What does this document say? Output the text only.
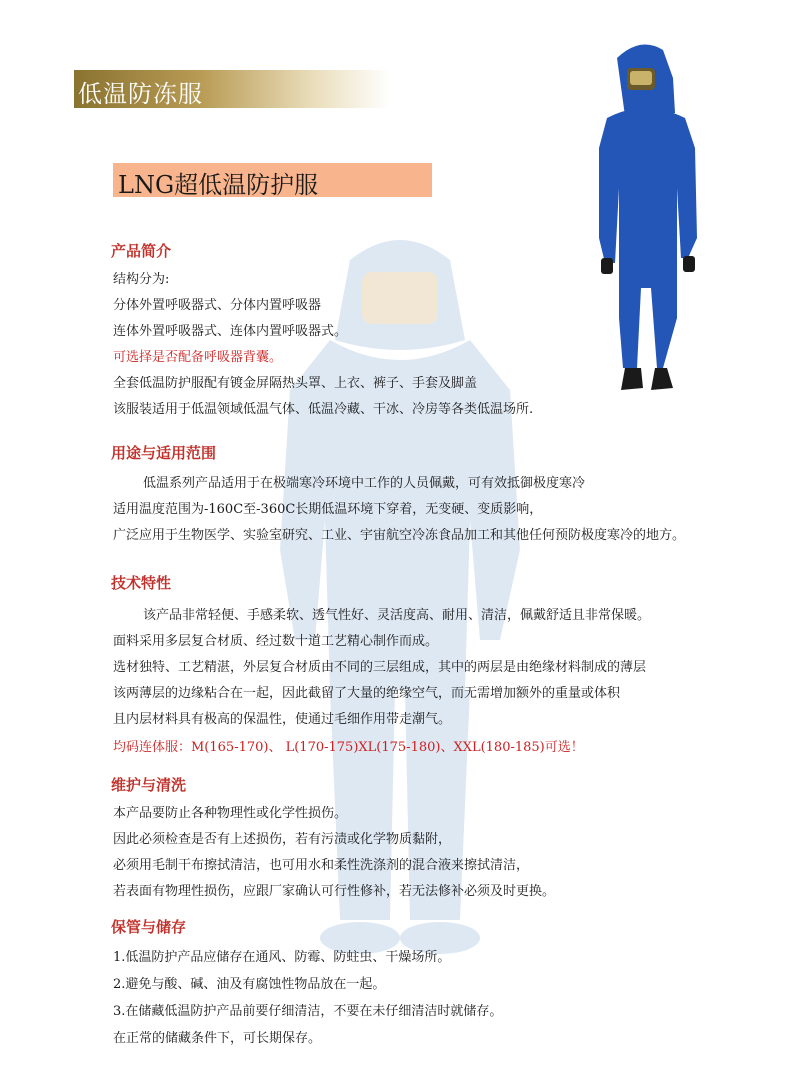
低温防冻服
LNG超低温防护服
产品简介
结构分为:
分体外置呼吸器式、分体内置呼吸器
连体外置呼吸器式、连体内置呼吸器式。
可选择是否配备呼吸器背囊。
全套低温防护服配有镀金屏隔热头罩、上衣、裤子、手套及脚盖
该服装适用于低温领域低温气体、低温冷藏、干冰、冷房等各类低温场所.
用途与适用范围
低温系列产品适用于在极端寒冷环境中工作的人员佩戴，可有效抵御极度寒冷
适用温度范围为-160C至-360C长期低温环境下穿着，无变硬、变质影响，
广泛应用于生物医学、实验室研究、工业、宇宙航空冷冻食品加工和其他任何预防极度寒冷的地方。
技术特性
该产品非常轻便、手感柔软、透气性好、灵活度高、耐用、清洁，佩戴舒适且非常保暖。
面料采用多层复合材质、经过数十道工艺精心制作而成。
选材独特、工艺精湛，外层复合材质由不同的三层组成，其中的两层是由绝缘材料制成的薄层
该两薄层的边缘粘合在一起，因此截留了大量的绝缘空气，而无需增加额外的重量或体积
且内层材料具有极高的保温性，使通过毛细作用带走潮气。
均码连体服：M(165-170)、 L(170-175)XL(175-180)、XXL(180-185)可选！
维护与清洗
本产品要防止各种物理性或化学性损伤。
因此必须检查是否有上述损伤，若有污渍或化学物质黏附，
必须用毛制干布擦拭清洁，也可用水和柔性洗涤剂的混合液来擦拭清洁，
若表面有物理性损伤，应跟厂家确认可行性修补，若无法修补必须及时更换。
保管与储存
1.低温防护产品应储存在通风、防霉、防蛀虫、干燥场所。
2.避免与酸、碱、油及有腐蚀性物品放在一起。
3.在储藏低温防护产品前要仔细清洁，不要在未仔细清洁时就储存。
在正常的储藏条件下，可长期保存。
